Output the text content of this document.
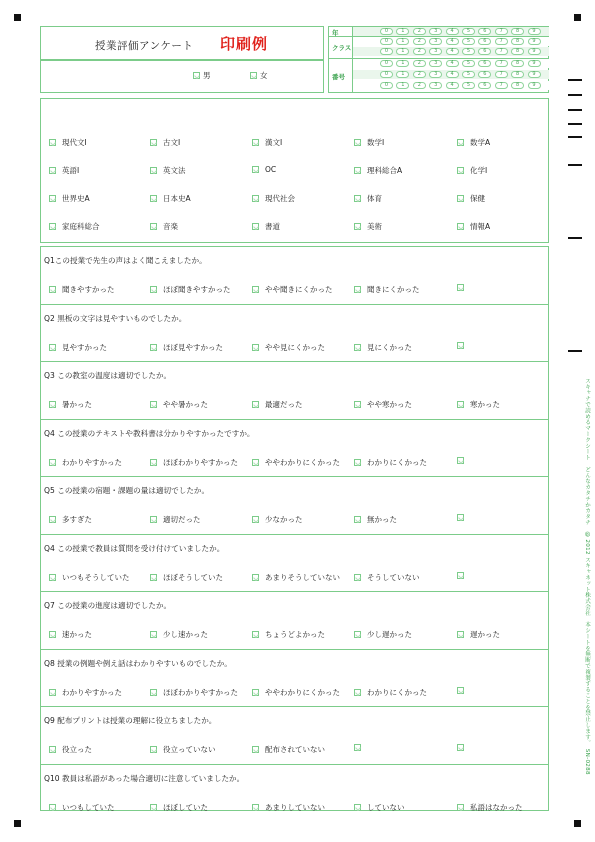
授業評価アンケート 印刷例
男	女
年
クラス
番号
0	1	2	3	4	5	6	7	8	9
0	1	2	3	4	5	6	7	8	9
0	1	2	3	4	5	6	7	8	9
0	1	2	3	4	5	6	7	8	9
0	1	2	3	4	5	6	7	8	9
0	1	2	3	4	5	6	7	8	9
現代文Ⅰ	古文Ⅰ	漢文Ⅰ	数学Ⅰ	数学A
英語Ⅰ	英文法	OC	理科総合A	化学Ⅰ
世界史A	日本史A	現代社会	体育	保健
家庭科総合	音楽	書道	美術	情報A
Q1この授業で先生の声はよく聞こえましたか。
聞きやすかった	ほぼ聞きやすかった	やや聞きにくかった	聞きにくかった
Q2 黒板の文字は見やすいものでしたか。
見やすかった	ほぼ見やすかった	やや見にくかった	見にくかった
Q3 この教室の温度は適切でしたか。
暑かった	やや暑かった	最適だった	やや寒かった	寒かった
Q4 この授業のテキストや教科書は分かりやすかったですか。
わかりやすかった	ほぼわかりやすかった	ややわかりにくかった	わかりにくかった
Q5 この授業の宿題・課題の量は適切でしたか。
多すぎた	適切だった	少なかった	無かった
Q4 この授業で教員は質問を受け付けていましたか。
いつもそうしていた	ほぼそうしていた	あまりそうしていない	そうしていない
Q7 この授業の進度は適切でしたか。
速かった	少し速かった	ちょうどよかった	少し遅かった	遅かった
Q8 授業の例題や例え話はわかりやすいものでしたか。
わかりやすかった	ほぼわかりやすかった	ややわかりにくかった	わかりにくかった
Q9 配布プリントは授業の理解に役立ちましたか。
役立った	役立っていない	配布されていない
Q10 教員は私語があった場合適切に注意していましたか。
いつもしていた	ほぼしていた	あまりしていない	していない	私語はなかった
スキャナで読めるマークシート　どんなカタチかカタチ　@ 2012 スキャネット株式会社　本シートを無断で複製することを禁止します。　SN-0288
